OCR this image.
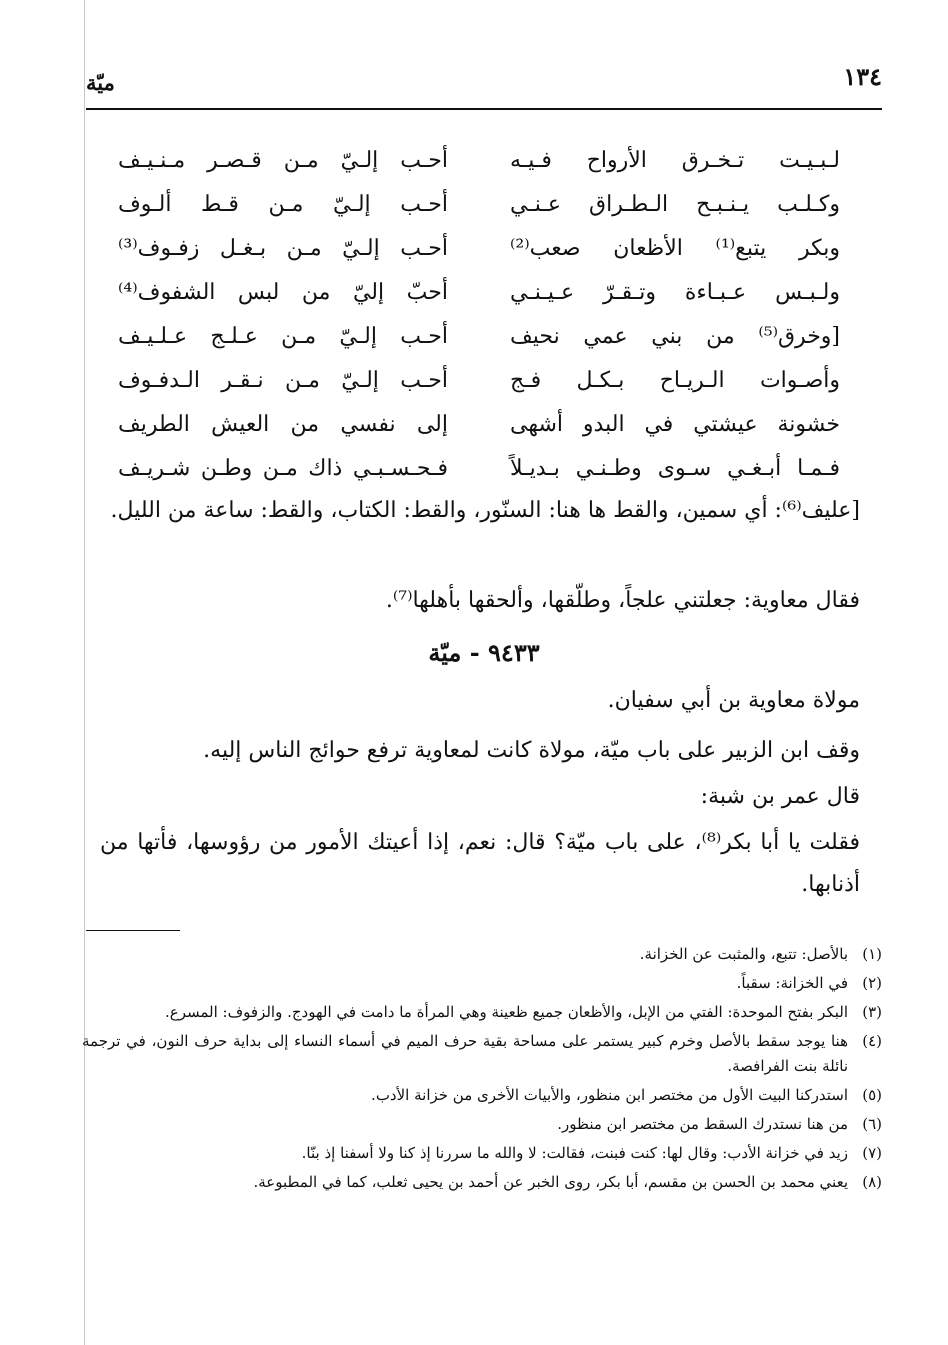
١٣٤
ميّة
لـبـيـت تـخـرق الأرواح فـيـه
أحـب إلـيّ مـن قـصـر مـنـيـف
وكـلـب يـنـبـح الـطـراق عـنـي
أحـب إلـيّ مـن قـط ألـوف
وبكر يتبع⁽¹⁾ الأظعان صعب⁽²⁾
أحـب إلـيّ مـن بـغـل زفـوف⁽³⁾
ولـبـس عـبـاءة وتـقـرّ عـيـنـي
أحبّ إليّ من لبس الشفوف⁽⁴⁾
[وخرق⁽⁵⁾ من بني عمي نحيف
أحـب إلـيّ مـن عـلـج عـلـيـف
وأصـوات الـريـاح بـكـل فـج
أحـب إلـيّ مـن نـقـر الـدفـوف
خشونة عيشتي في البدو أشهى
إلى نفسي من العيش الطريف
فـمـا أبـغـي سـوى وطـنـي بـديـلاً
فـحـسـبـي ذاك مـن وطـن شـريـف
[عليف⁽⁶⁾: أي سمين، والقط ها هنا: السنّور، والقط: الكتاب، والقط: ساعة من الليل.
فقال معاوية: جعلتني علجاً، وطلّقها، وألحقها بأهلها⁽⁷⁾.
٩٤٣٣ - ميّة
مولاة معاوية بن أبي سفيان.
وقف ابن الزبير على باب ميّة، مولاة كانت لمعاوية ترفع حوائج الناس إليه.
قال عمر بن شبة:
فقلت يا أبا بكر⁽⁸⁾، على باب ميّة؟ قال: نعم، إذا أعيتك الأمور من رؤوسها، فأتها من أذنابها.
(١)
بالأصل: تتبع، والمثبت عن الخزانة.
(٢)
في الخزانة: سقباً.
(٣)
البكر بفتح الموحدة: الفتي من الإبل، والأظعان جميع ظعينة وهي المرأة ما دامت في الهودج. والزفوف: المسرع.
(٤)
هنا يوجد سقط بالأصل وخرم كبير يستمر على مساحة بقية حرف الميم في أسماء النساء إلى بداية حرف النون، في ترجمة نائلة بنت الفرافصة.
(٥)
استدركنا البيت الأول من مختصر ابن منظور، والأبيات الأخرى من خزانة الأدب.
(٦)
من هنا نستدرك السقط من مختصر ابن منظور.
(٧)
زيد في خزانة الأدب: وقال لها: كنت فبنت، فقالت: لا والله ما سررنا إذ كنا ولا أسفنا إذ بنّا.
(٨)
يعني محمد بن الحسن بن مقسم، أبا بكر، روى الخبر عن أحمد بن يحيى ثعلب، كما في المطبوعة.
